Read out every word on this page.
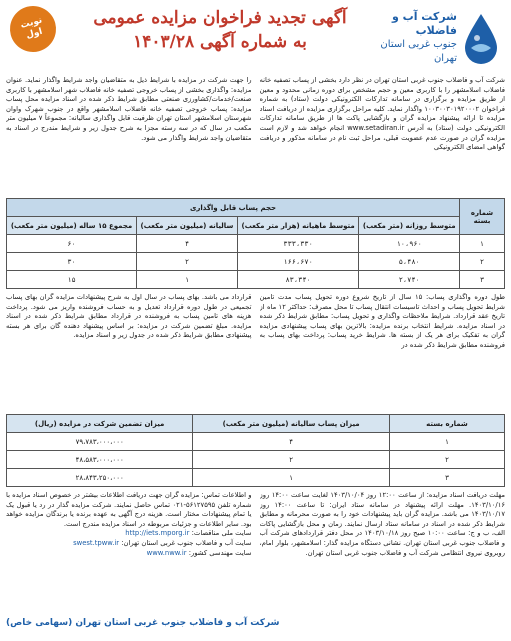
شرکت آب و فاضلاب
جنوب غربی استان تهران
آگهی تجدید فراخوان مزایده عمومی
به شماره آگهی ۱۴۰۳/۲۸
نوبت
اول
شرکت آب و فاضلاب جنوب غربی استان تهران در نظر دارد بخشی از پساب تصفیه خانه فاضلاب اسلامشهر را با کاربری معین و حجم مشخص برای دوره زمانی محدود و معین از طریق مزایده و برگزاری در سامانه تدارکات الکترونیکی دولت (ستاد) به شماره فراخوان ۱۰۰۳۰۰۳۰۱۹۲۰۰۰۲ واگذار نماید. کلیه مراحل برگزاری مزایده از دریافت اسناد مزایده تا ارائه پیشنهاد مزایده گران و بازگشایی پاکت ها از طریق سامانه تدارکات الکترونیکی دولت (ستاد) به آدرس www.setadiran.ir انجام خواهد شد و لازم است مزایده گران در صورت عدم عضویت قبلی، مراحل ثبت نام در سامانه مذکور و دریافت گواهی امضای الکترونیکی
را جهت شرکت در مزایده با شرایط ذیل به متقاضیان واجد شرایط واگذار نماید. عنوان مزایده: واگذاری بخشی از پساب خروجی تصفیه خانه فاضلاب شهر اسلامشهر با کاربری صنعت/خدمات/کشاورزی صنعتی مطابق شرایط ذکر شده در اسناد مزایده محل پساب مزایده: پساب خروجی تصفیه خانه فاضلاب اسلامشهر واقع در جنوب شهرک واوان شهرستان اسلامشهر استان تهران ظرفیت قابل واگذاری سالیانه: مجموعاً ۷ میلیون متر مکعب در سال که در سه رسته مجزا به شرح جدول زیر و شرایط مندرج در اسناد به متقاضیان واجد شرایط واگذار می شود.
شماره بسته	حجم پساب قابل واگذاری			
	متوسط روزانه (متر مکعب)	متوسط ماهیانه (هزار متر مکعب)	سالیانه (میلیون متر مکعب)	مجموع ۱۵ ساله (میلیون متر مکعب)
۱	۱۰،۹۶۰	۳۳۳،۳۳۰	۴	۶۰
۲	۵،۴۸۰	۱۶۶،۶۷۰	۲	۳۰
۳	۲،۷۴۰	۸۳،۳۴۰	۱	۱۵
طول دوره واگذاری پساب: ۱۵ سال از تاریخ شروع دوره تحویل پساب مدت تامین شرایط تحویل پساب و احداث تاسیسات انتقال پساب تا محل مصرف: حداکثر ۱۲ ماه از تاریخ عقد قرارداد. شرایط ملاحظات واگذاری و تحویل پساب: مطابق شرایط ذکر شده در اسناد مزایده. شرایط انتخاب برنده مزایده: بالاترین بهای پساب پیشنهادی مزایده گران به تفکیک برای هر یک از بسته ها. شرایط خرید پساب: پرداخت بهای پساب به فروشنده مطابق شرایط ذکر شده در
قرارداد می باشد. بهای پساب در سال اول به شرح پیشنهادات مزایده گران بهای پساب تجمیعی در طول دوره قرارداد تعدیل و به حساب فروشنده واریز می شود. پرداخت هزینه های تامین پساب به فروشنده در قرارداد مطابق شرایط ذکر شده در اسناد مزایده. مبلغ تضمین شرکت در مزایده: بر اساس پیشنهاد دهنده گان برای هر بسته پیشنهادی مطابق شرایط ذکر شده در جدول زیر و اسناد مزایده.
شماره بسته	میزان پساب سالیانه (میلیون متر مکعب)	میزان تضمین شرکت در مزایده (ریال)
۱	۴	۷۹،۷۸۳،۰۰۰،۰۰۰
۲	۲	۴۸،۵۸۳،۰۰۰،۰۰۰
۳	۱	۲۸،۸۴۳،۲۵۰،۰۰۰
مهلت دریافت اسناد مزایده: از ساعت ۱۲:۰۰ روز ۱۴۰۳/۱۰/۰۴ لغایت ساعت ۱۴:۰۰ روز ۱۴۰۳/۱۰/۱۶. مهلت ارائه پیشنهاد در سامانه ستاد ایران: تا ساعت ۱۴:۰۰ روز ۱۴۰۳/۱۰/۱۷ می باشد. مزایده گران باید پیشنهادات خود را به صورت محرمانه و مطابق شرایط ذکر شده در اسناد در سامانه ستاد ارسال نمایند. زمان و محل بازگشایی پاکات الف، ب و ج: ساعت ۱۰:۰۰ صبح روز ۱۴۰۳/۱۰/۱۸ در محل دفتر قراردادهای شرکت آب و فاضلاب جنوب غربی استان تهران. نشانی دستگاه مزایده گذار: اسلامشهر، بلوار امام، روبروی نیروی انتظامی شرکت آب و فاضلاب جنوب غربی استان تهران.
و اطلاعات تماس: مزایده گران جهت دریافت اطلاعات بیشتر در خصوص اسناد مزایده با شماره تلفن ۵۶۱۲۷۵۹۵-۰۲۱ تماس حاصل نمایند. شرکت مزایده گذار در رد یا قبول یک یا تمام پیشنهادات مختار است. هزینه درج آگهی به عهده برنده یا برندگان مزایده خواهد بود. سایر اطلاعات و جزئیات مربوطه در اسناد مزایده مندرج است.
سایت ملی مناقصات: http://iets.mporg.ir
سایت آب و فاضلاب جنوب غربی استان تهران: swest.tpww.ir
سایت مهندسی کشور: www.nww.ir
شرکت آب و فاضلاب جنوب غربی استان تهران (سهامی خاص)
